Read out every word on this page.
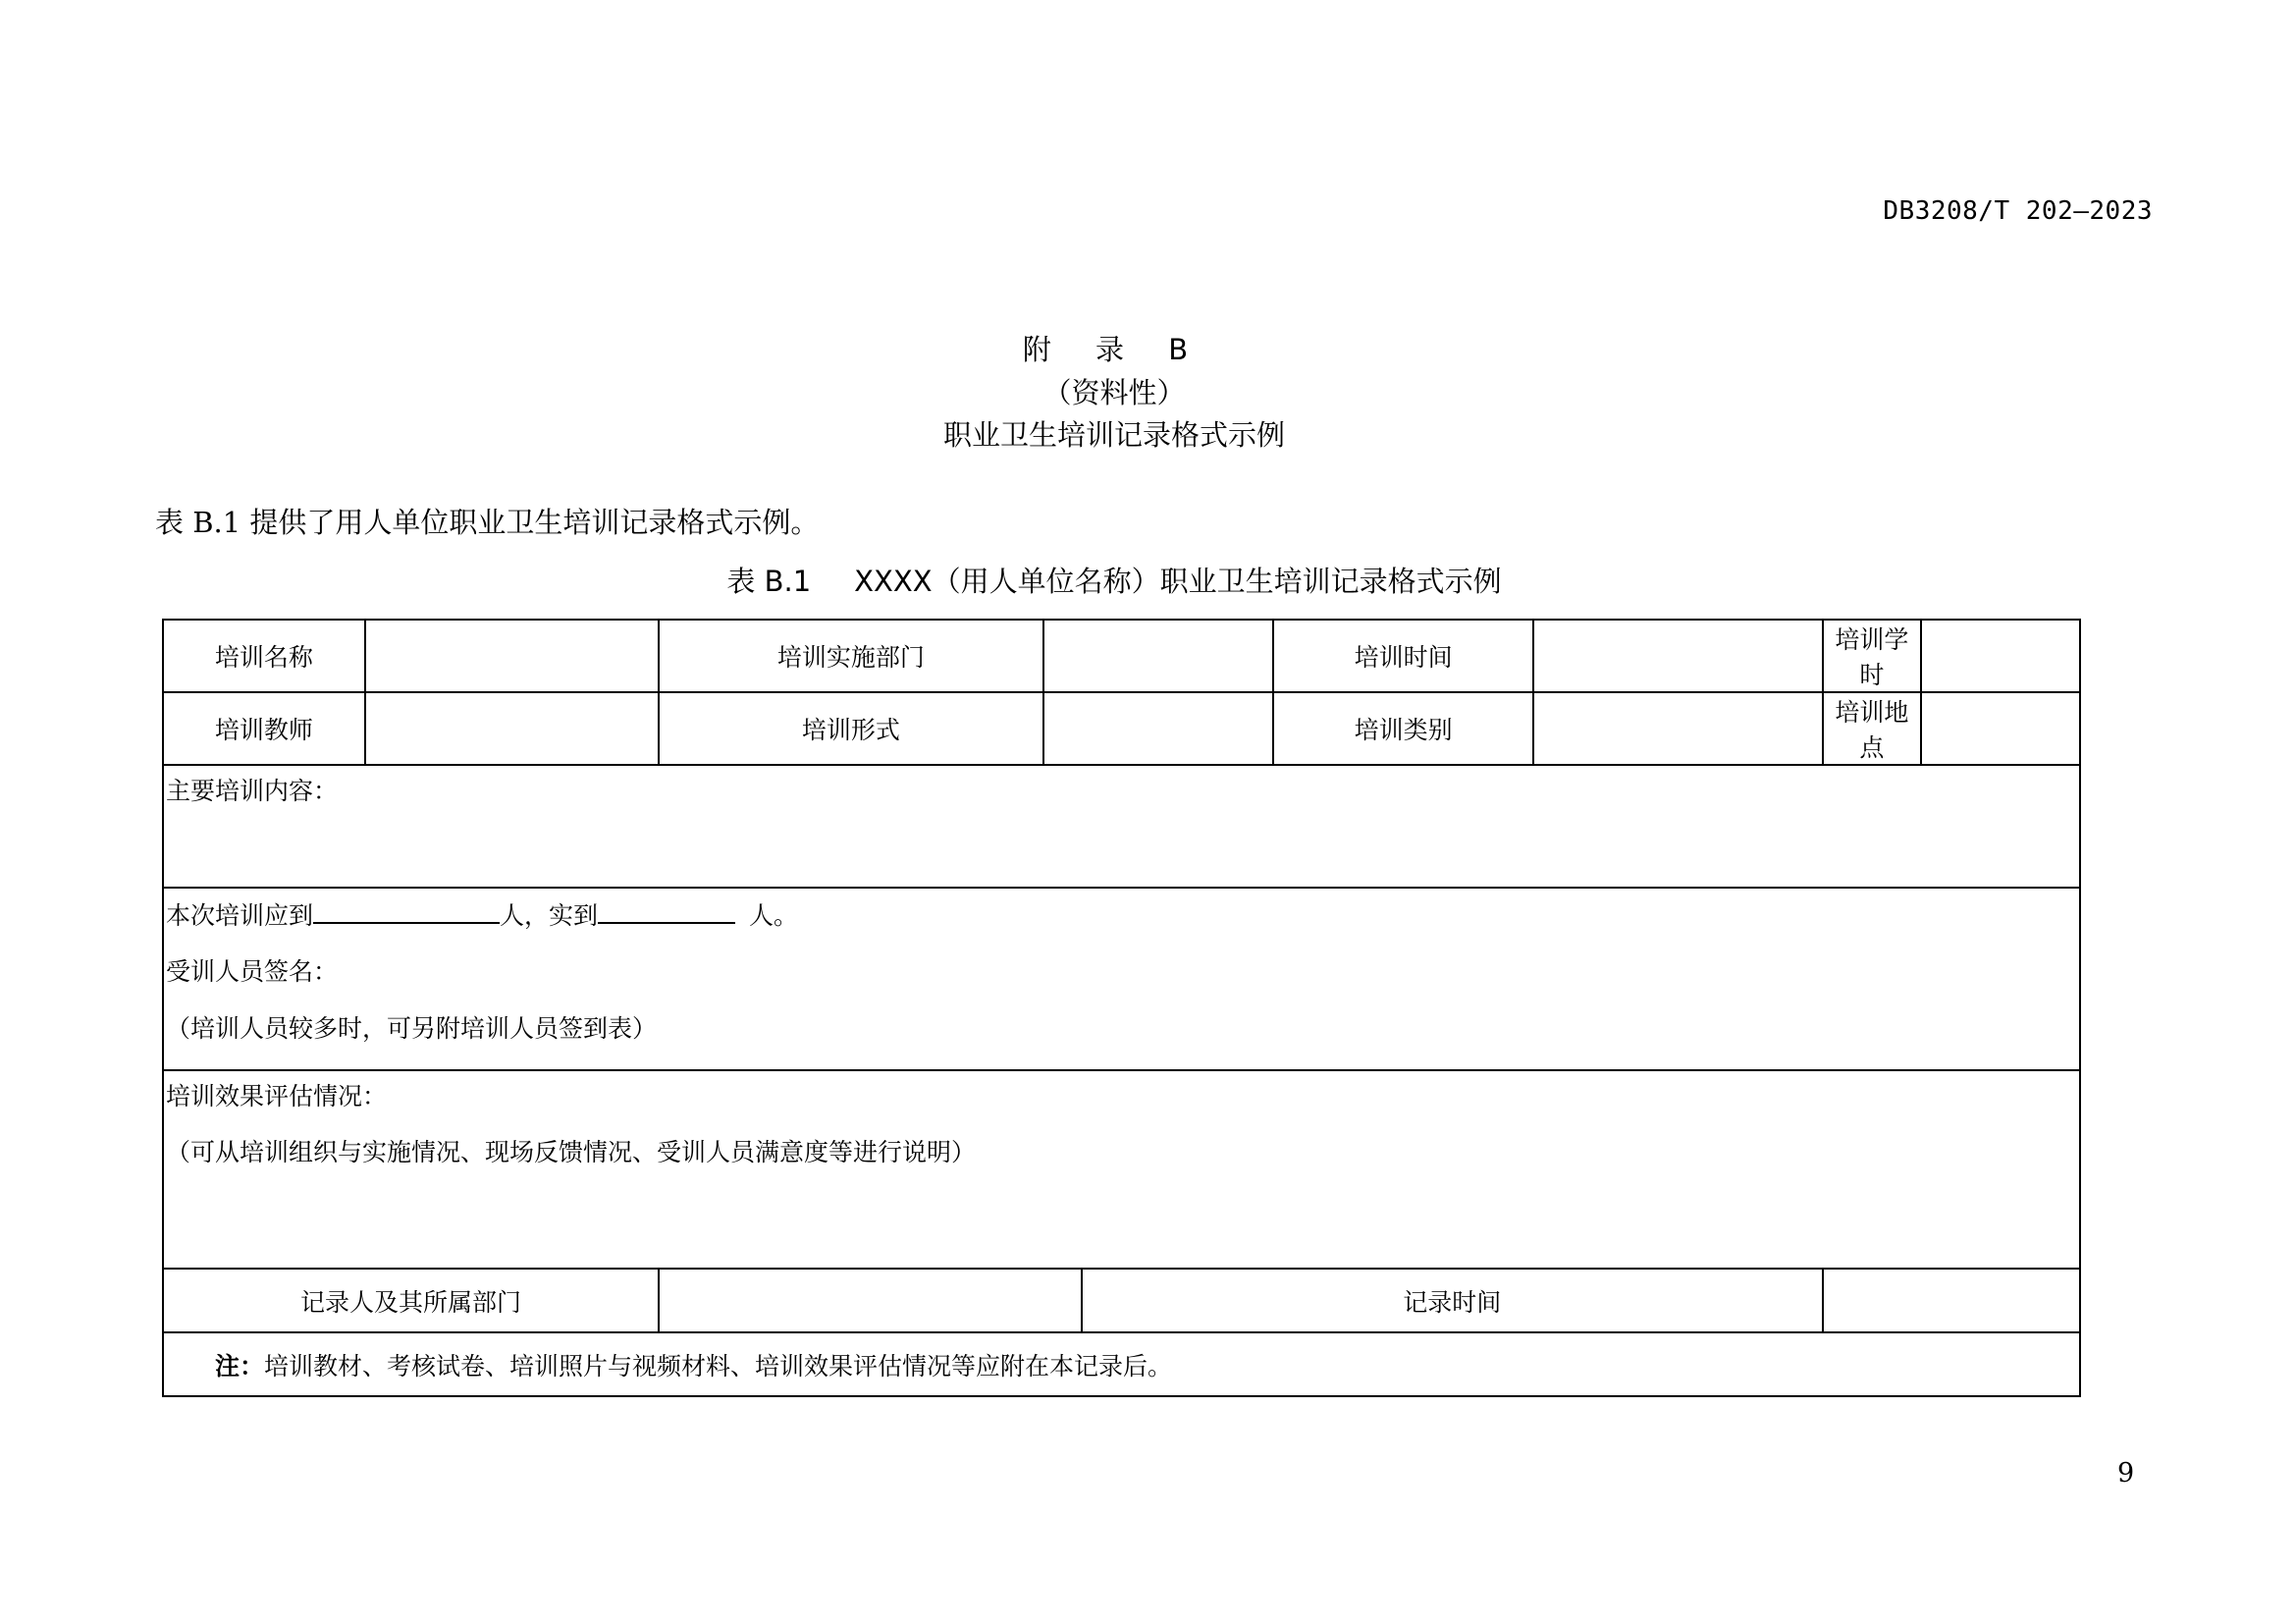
DB3208/T 202—2023
附 录 B
（资料性）
职业卫生培训记录格式示例
表 B.1 提供了用人单位职业卫生培训记录格式示例。
表 B.1 XXXX（用人单位名称）职业卫生培训记录格式示例
培训名称		培训实施部门			培训时间		培训学时	
培训教师		培训形式			培训类别		培训地点	

主要培训内容：								

本次培训应到 人，实到 人。
受训人员签名：
（培训人员较多时，可另附培训人员签到表）								

培训效果评估情况：
（可从培训组织与实施情况、现场反馈情况、受训人员满意度等进行说明）								

记录人及其所属部门				记录时间				
注：培训教材、考核试卷、培训照片与视频材料、培训效果评估情况等应附在本记录后。								
9
